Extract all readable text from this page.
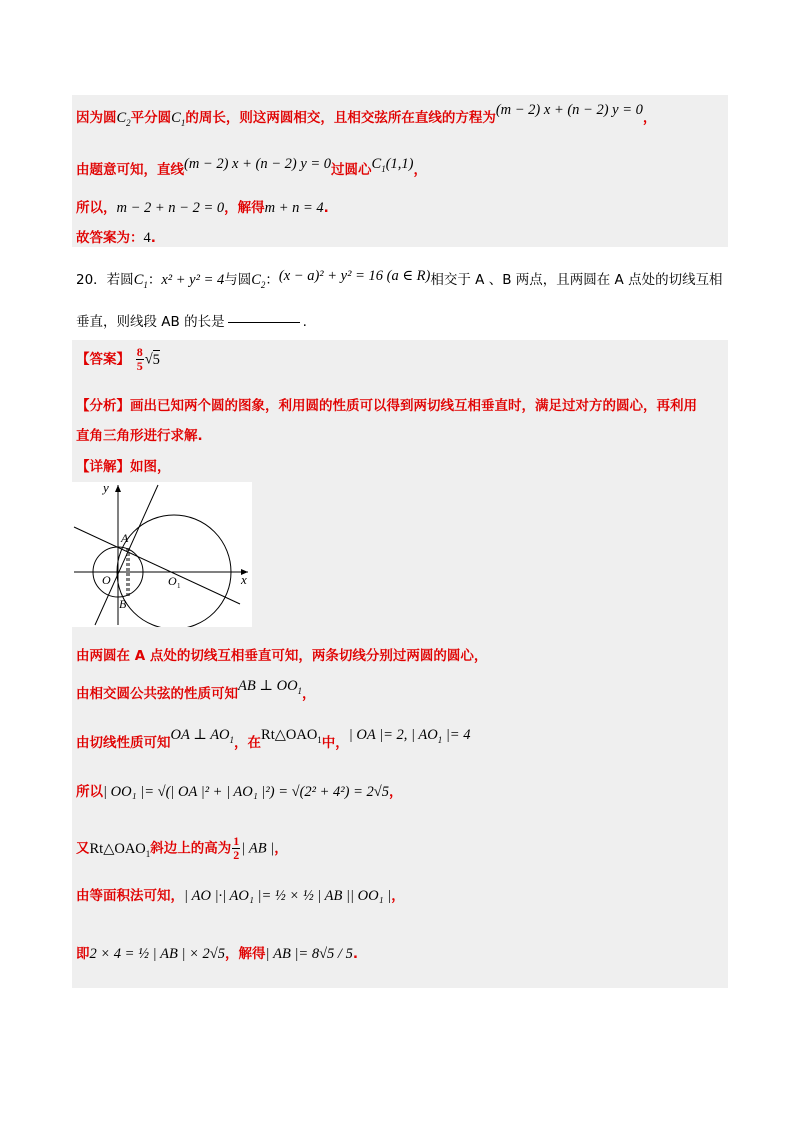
因为圆$C_2$平分圆$C_1$的周长，则这两圆相交，且相交弦所在直线的方程为(m − 2) x + (n − 2) y = 0，
由题意可知，直线(m − 2) x + (n − 2) y = 0过圆心$C_1(1,1)$，
所以，m − 2 + n − 2 = 0，解得m + n = 4.
故答案为：4.
20．若圆$C_1$：x² + y² = 4与圆$C_2$：(x − a)² + y² = 16 (a ∈ R)相交于 A 、B 两点，且两圆在 A 点处的切线互相
垂直，则线段 AB 的长是	.
【答案】 $\frac{8}{5} √5$
【分析】画出已知两个圆的图象，利用圆的性质可以得到两切线互相垂直时，满足过对方的圆心，再利用
直角三角形进行求解.
【详解】如图，
y
x
A
B
O	O 1
由两圆在 A 点处的切线互相垂直可知，两条切线分别过两圆的圆心，
由相交圆公共弦的性质可知AB ⊥ $OO_1$，
由切线性质可知OA ⊥ $AO_1$，在$Rt\triangle OAO_1$中，| OA |= 2, | $AO_1$ |= 4
所以| OO₁ |= √(| OA |² + | AO₁ |²) = √(2² + 4²) = 2√5，
又$Rt\triangle OAO_1$斜边上的高为 $\frac{1}{2}$ | AB |，
由等面积法可知，| AO |·| AO₁ |= ½ × ½ | AB || OO₁ |，
即2 × 4 = ½ | AB | × 2√5，解得| AB |= 8√5 / 5.
